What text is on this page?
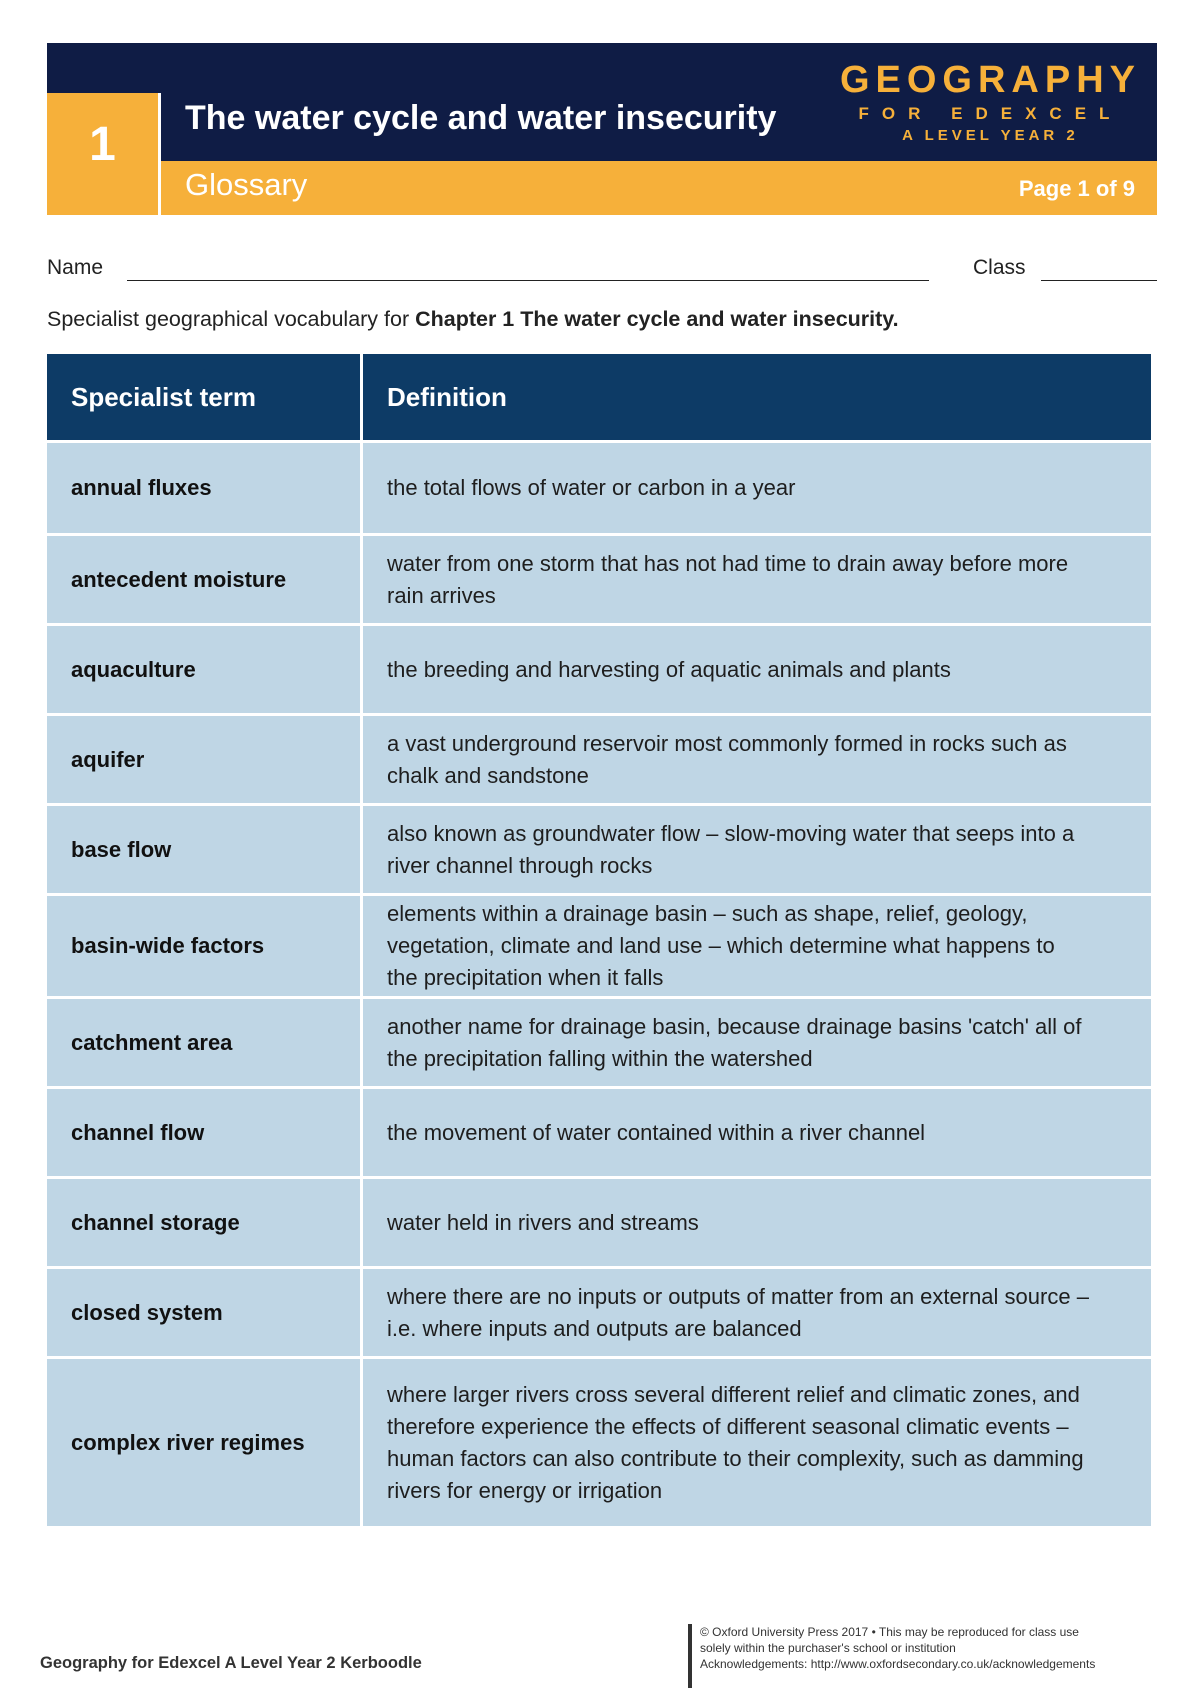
1 The water cycle and water insecurity
Glossary	Page 1 of 9
GEOGRAPHY
FOR EDEXCEL
A LEVEL YEAR 2
Name	Class
Specialist geographical vocabulary for Chapter 1 The water cycle and water insecurity.
Specialist term	Definition
annual fluxes	the total flows of water or carbon in a year
antecedent moisture	water from one storm that has not had time to drain away before more rain arrives
aquaculture	the breeding and harvesting of aquatic animals and plants
aquifer	a vast underground reservoir most commonly formed in rocks such as chalk and sandstone
base flow	also known as groundwater flow – slow-moving water that seeps into a river channel through rocks
basin-wide factors	elements within a drainage basin – such as shape, relief, geology, vegetation, climate and land use – which determine what happens to the precipitation when it falls
catchment area	another name for drainage basin, because drainage basins 'catch' all of the precipitation falling within the watershed
channel flow	the movement of water contained within a river channel
channel storage	water held in rivers and streams
closed system	where there are no inputs or outputs of matter from an external source – i.e. where inputs and outputs are balanced
complex river regimes	where larger rivers cross several different relief and climatic zones, and therefore experience the effects of different seasonal climatic events – human factors can also contribute to their complexity, such as damming rivers for energy or irrigation
Geography for Edexcel A Level Year 2 Kerboodle
© Oxford University Press 2017 • This may be reproduced for class use
solely within the purchaser's school or institution
Acknowledgements: http://www.oxfordsecondary.co.uk/acknowledgements
